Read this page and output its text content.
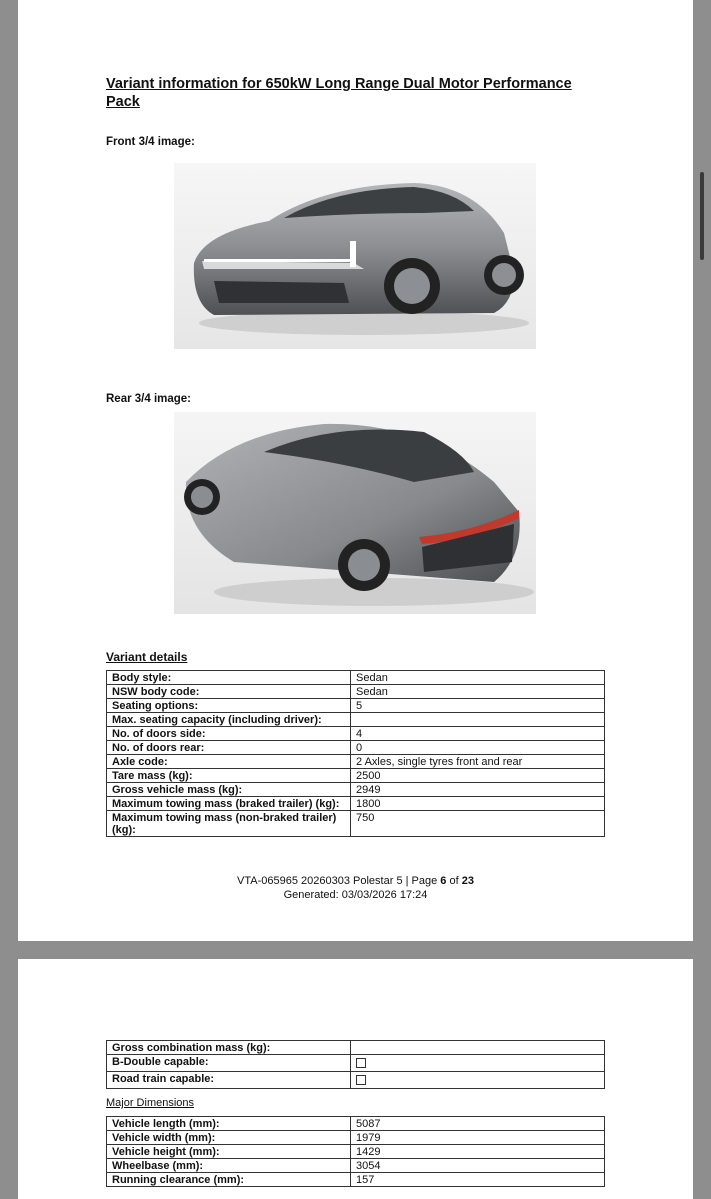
Variant information for 650kW Long Range Dual Motor Performance Pack

Front 3/4 image:

Rear 3/4 image:

Variant details

Body style:	Sedan
NSW body code:	Sedan
Seating options:	5
Max. seating capacity (including driver):	
No. of doors side:	4
No. of doors rear:	0
Axle code:	2 Axles, single tyres front and rear
Tare mass (kg):	2500
Gross vehicle mass (kg):	2949
Maximum towing mass (braked trailer) (kg):	1800
Maximum towing mass (non-braked trailer) (kg):	750
VTA-065965 20260303 Polestar 5 | Page 6 of 23
Generated: 03/03/2026 17:24
Gross combination mass (kg):	
B-Double capable:	
Road train capable:	

Major Dimensions

Vehicle length (mm):	5087
Vehicle width (mm):	1979
Vehicle height (mm):	1429
Wheelbase (mm):	3054
Running clearance (mm):	157
